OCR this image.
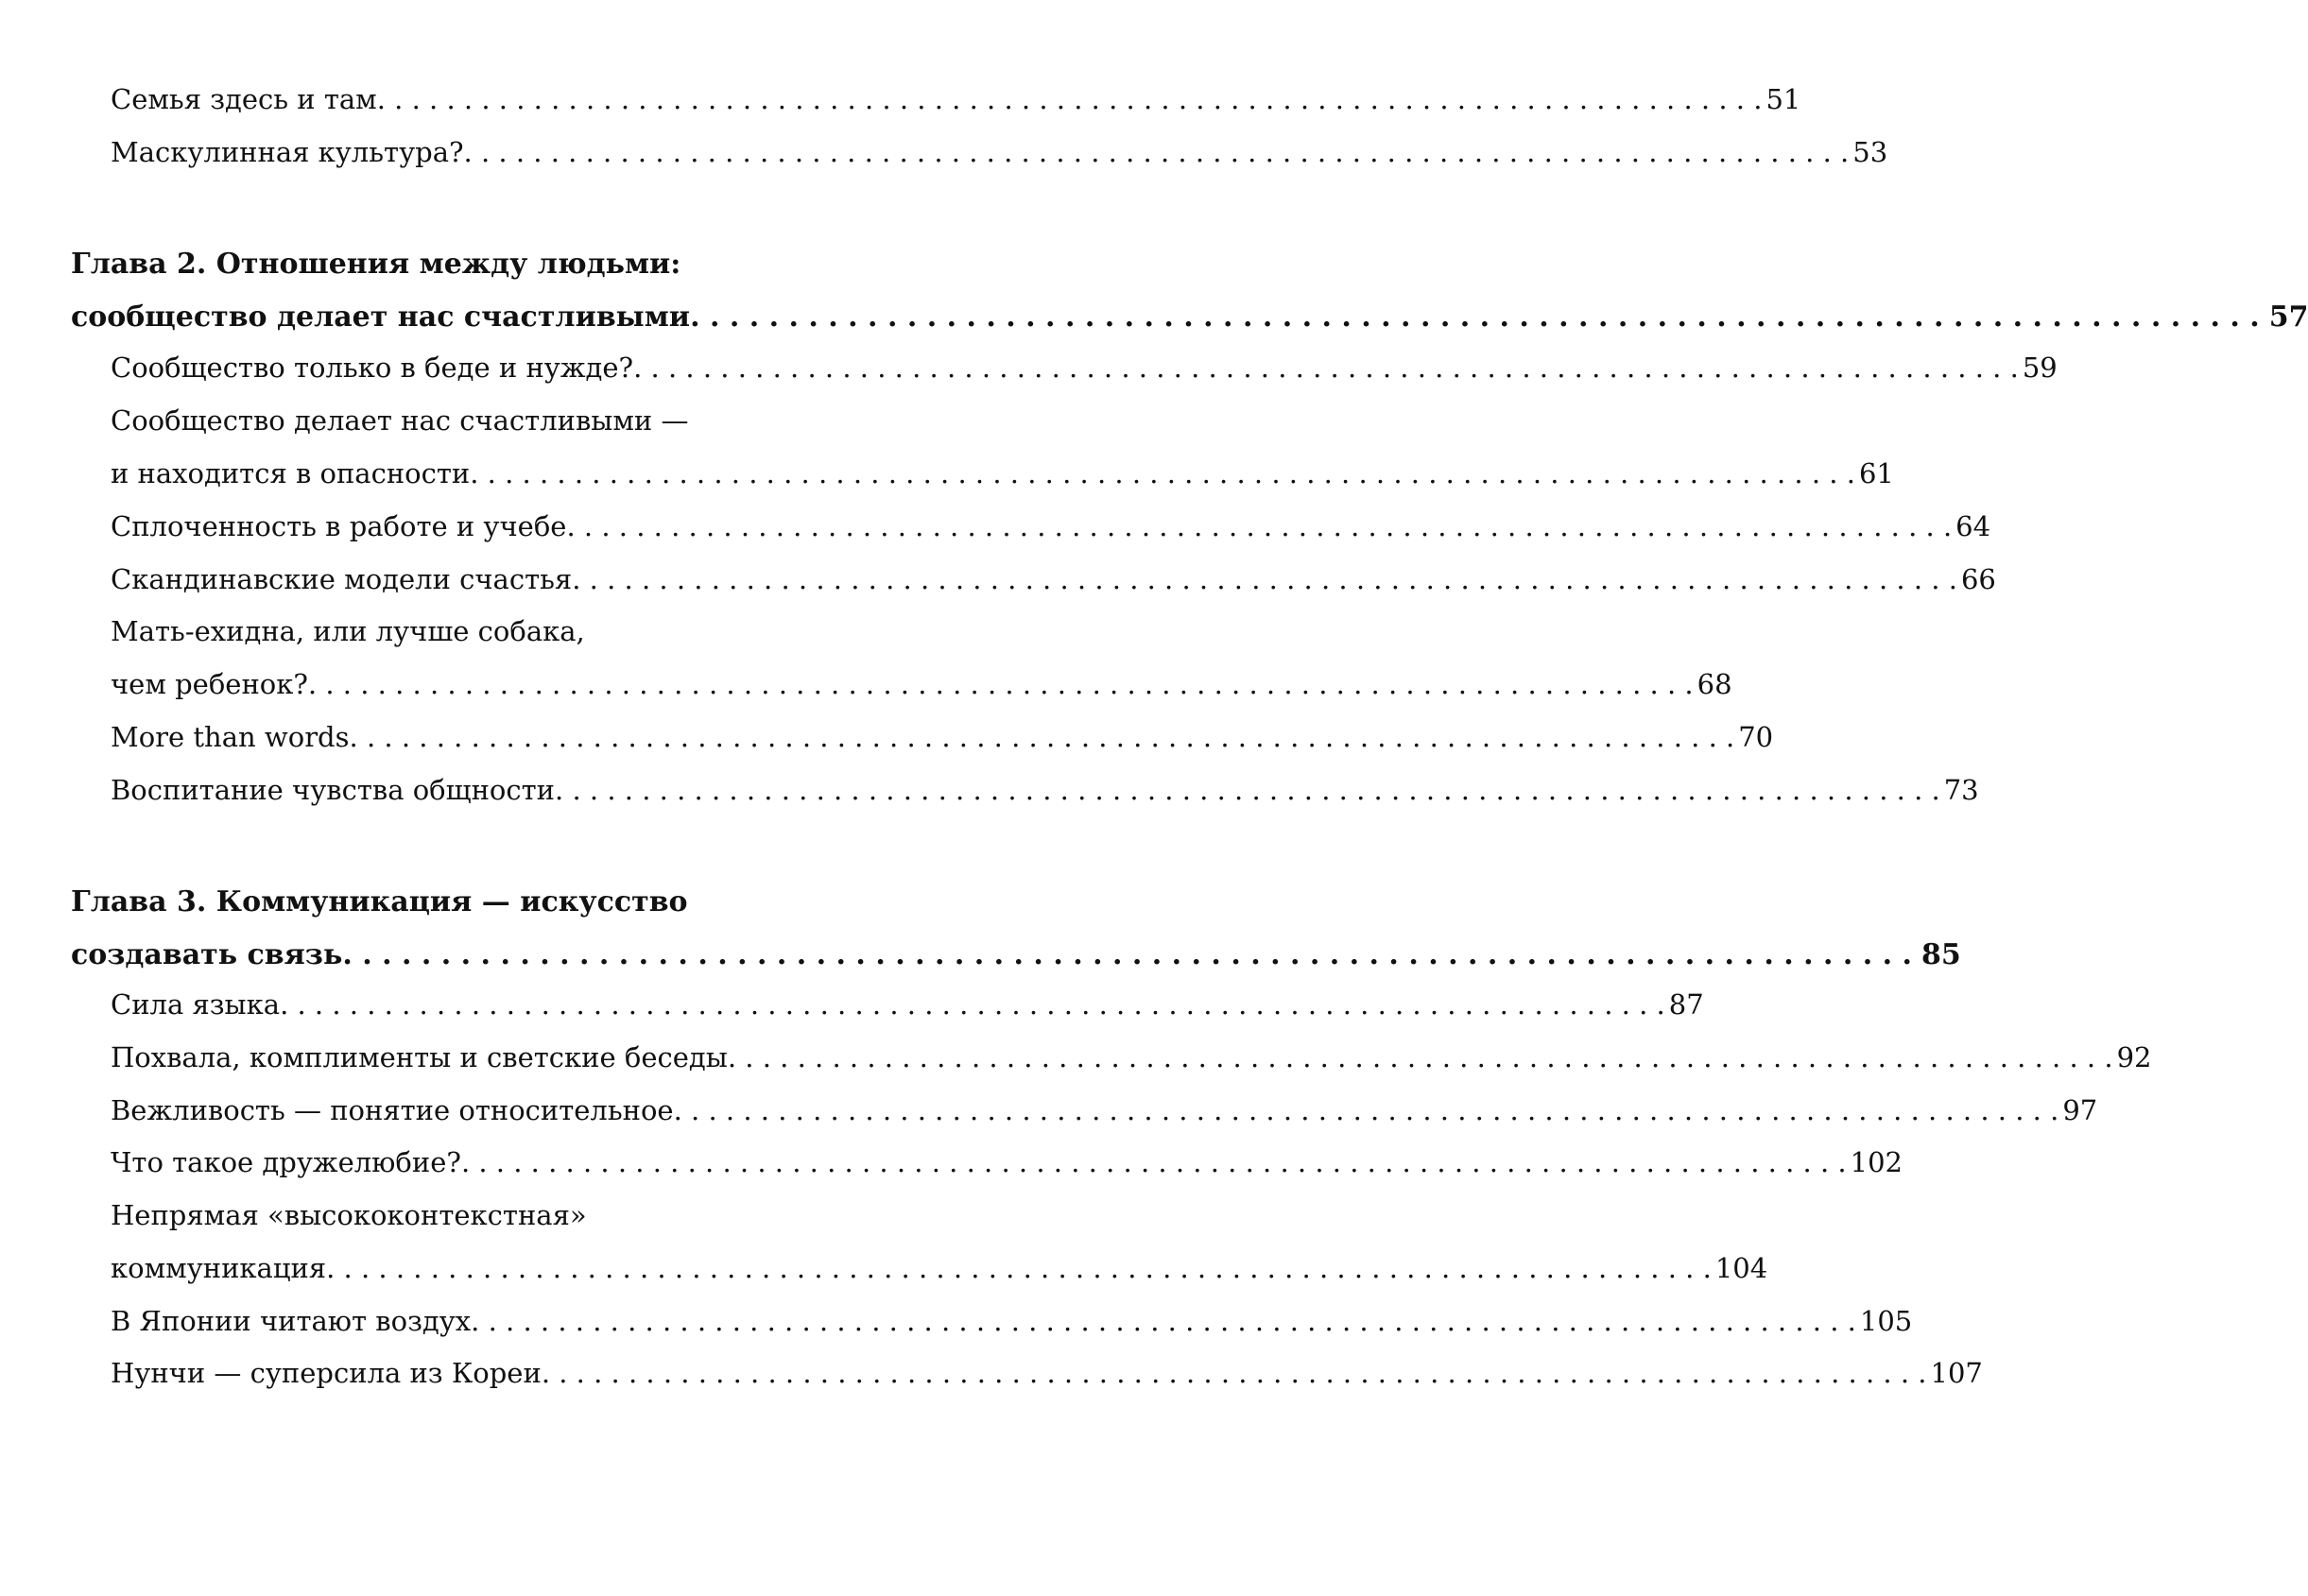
Семья здесь и там . . . . . . . . . . . . . . . . . . . . . . . . . . . . . . . . . . . . . . . . . . . . . . . . . . . . . . . . . . . . . . . . . . . . . . . . . . . . . . . . 51
Маскулинная культура? . . . . . . . . . . . . . . . . . . . . . . . . . . . . . . . . . . . . . . . . . . . . . . . . . . . . . . . . . . . . . . . . . . . . . . . . . . . . . . . . 53
Глава 2. Отношения между людьми:
сообщество делает нас счастливыми . . . . . . . . . . . . . . . . . . . . . . . . . . . . . . . . . . . . . . . . . . . . . . . . . . . . . . . . . . . . . . . . . . . . . . . . . . . . . . . . 57
Сообщество только в беде и нужде? . . . . . . . . . . . . . . . . . . . . . . . . . . . . . . . . . . . . . . . . . . . . . . . . . . . . . . . . . . . . . . . . . . . . . . . . . . . . . . . . 59
Сообщество делает нас счастливыми —
и находится в опасности . . . . . . . . . . . . . . . . . . . . . . . . . . . . . . . . . . . . . . . . . . . . . . . . . . . . . . . . . . . . . . . . . . . . . . . . . . . . . . . . 61
Сплоченность в работе и учебе . . . . . . . . . . . . . . . . . . . . . . . . . . . . . . . . . . . . . . . . . . . . . . . . . . . . . . . . . . . . . . . . . . . . . . . . . . . . . . . . 64
Скандинавские модели счастья . . . . . . . . . . . . . . . . . . . . . . . . . . . . . . . . . . . . . . . . . . . . . . . . . . . . . . . . . . . . . . . . . . . . . . . . . . . . . . . . 66
Мать-ехидна, или лучше собака,
чем ребенок? . . . . . . . . . . . . . . . . . . . . . . . . . . . . . . . . . . . . . . . . . . . . . . . . . . . . . . . . . . . . . . . . . . . . . . . . . . . . . . . . 68
More than words . . . . . . . . . . . . . . . . . . . . . . . . . . . . . . . . . . . . . . . . . . . . . . . . . . . . . . . . . . . . . . . . . . . . . . . . . . . . . . . . 70
Воспитание чувства общности . . . . . . . . . . . . . . . . . . . . . . . . . . . . . . . . . . . . . . . . . . . . . . . . . . . . . . . . . . . . . . . . . . . . . . . . . . . . . . . . 73
Глава 3. Коммуникация — искусство
создавать связь . . . . . . . . . . . . . . . . . . . . . . . . . . . . . . . . . . . . . . . . . . . . . . . . . . . . . . . . . . . . . . . . . . . . . . . . . . . . . . . . 85
Сила языка . . . . . . . . . . . . . . . . . . . . . . . . . . . . . . . . . . . . . . . . . . . . . . . . . . . . . . . . . . . . . . . . . . . . . . . . . . . . . . . . 87
Похвала, комплименты и светские беседы . . . . . . . . . . . . . . . . . . . . . . . . . . . . . . . . . . . . . . . . . . . . . . . . . . . . . . . . . . . . . . . . . . . . . . . . . . . . . . . . 92
Вежливость — понятие относительное . . . . . . . . . . . . . . . . . . . . . . . . . . . . . . . . . . . . . . . . . . . . . . . . . . . . . . . . . . . . . . . . . . . . . . . . . . . . . . . . 97
Что такое дружелюбие? . . . . . . . . . . . . . . . . . . . . . . . . . . . . . . . . . . . . . . . . . . . . . . . . . . . . . . . . . . . . . . . . . . . . . . . . . . . . . . . . 102
Непрямая «высококонтекстная»
коммуникация . . . . . . . . . . . . . . . . . . . . . . . . . . . . . . . . . . . . . . . . . . . . . . . . . . . . . . . . . . . . . . . . . . . . . . . . . . . . . . . . 104
В Японии читают воздух . . . . . . . . . . . . . . . . . . . . . . . . . . . . . . . . . . . . . . . . . . . . . . . . . . . . . . . . . . . . . . . . . . . . . . . . . . . . . . . . 105
Нунчи — суперсила из Кореи . . . . . . . . . . . . . . . . . . . . . . . . . . . . . . . . . . . . . . . . . . . . . . . . . . . . . . . . . . . . . . . . . . . . . . . . . . . . . . . . 107
